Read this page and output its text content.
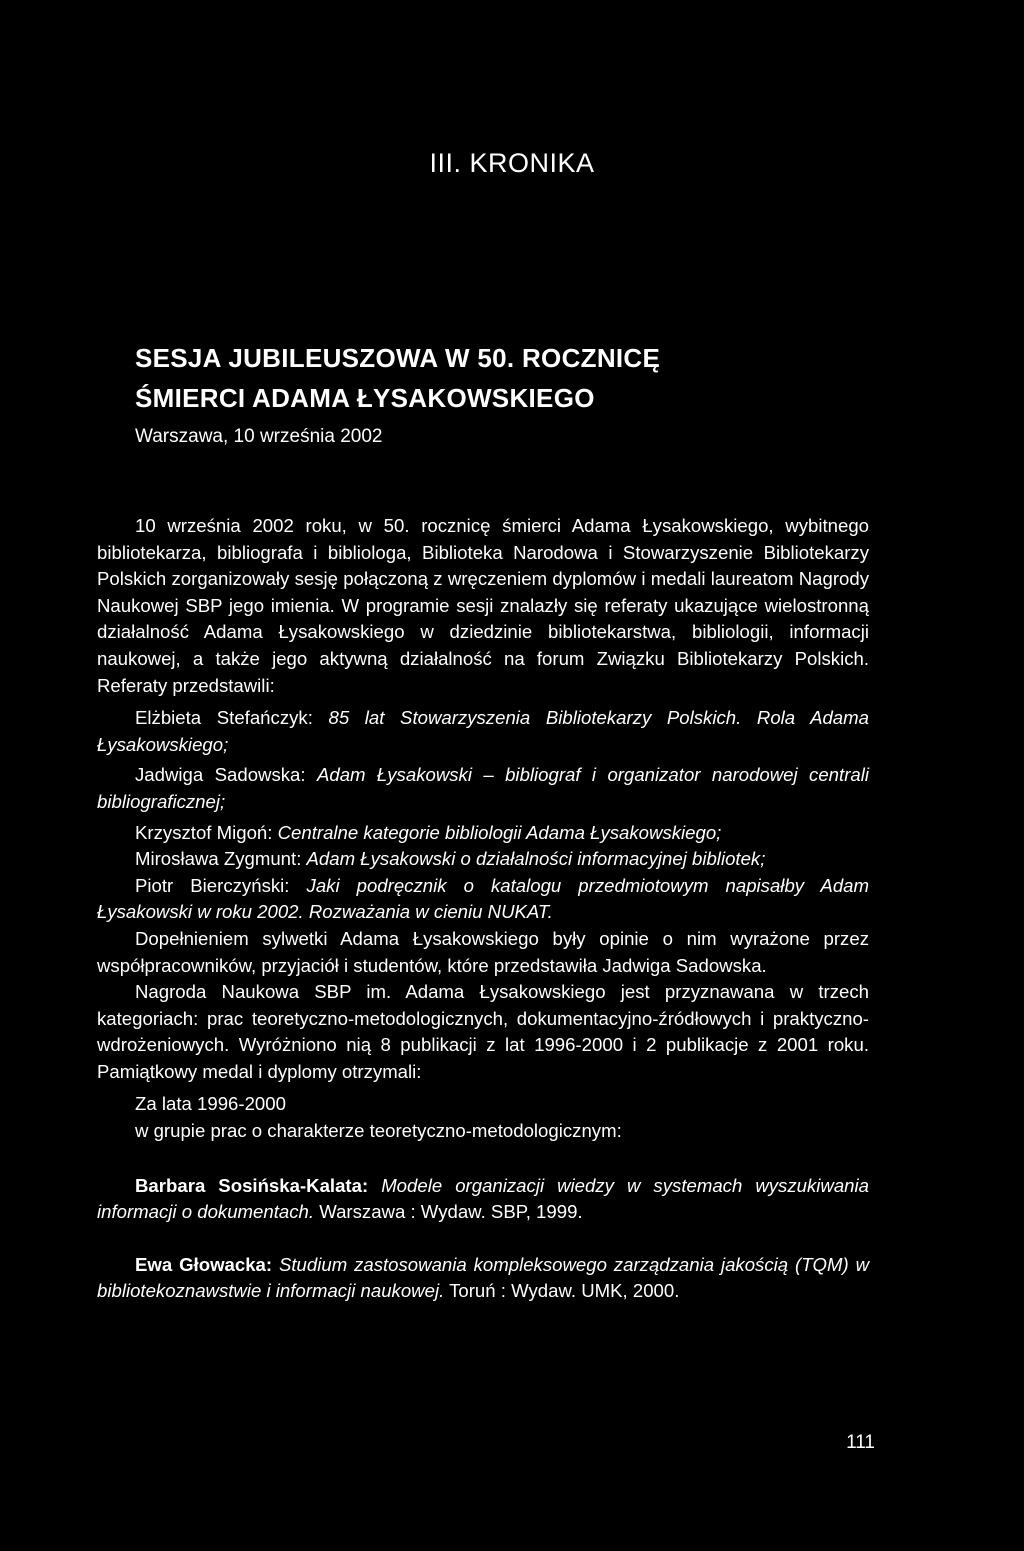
III. KRONIKA
SESJA JUBILEUSZOWA W 50. ROCZNICĘ
ŚMIERCI ADAMA ŁYSAKOWSKIEGO
Warszawa, 10 września 2002

10 września 2002 roku, w 50. rocznicę śmierci Adama Łysakowskiego, wybitnego bibliotekarza, bibliografa i bibliologa, Biblioteka Narodowa i Stowarzyszenie Bibliotekarzy Polskich zorganizowały sesję połączoną z wręczeniem dyplomów i medali laureatom Nagrody Naukowej SBP jego imienia. W programie sesji znalazły się referaty ukazujące wielostronną działalność Adama Łysakowskiego w dziedzinie bibliotekarstwa, bibliologii, informacji naukowej, a także jego aktywną działalność na forum Związku Bibliotekarzy Polskich. Referaty przedstawili:

Elżbieta Stefańczyk: 85 lat Stowarzyszenia Bibliotekarzy Polskich. Rola Adama Łysakowskiego;

Jadwiga Sadowska: Adam Łysakowski – bibliograf i organizator narodowej centrali bibliograficznej;

Krzysztof Migoń: Centralne kategorie bibliologii Adama Łysakowskiego;

Mirosława Zygmunt: Adam Łysakowski o działalności informacyjnej bibliotek;

Piotr Bierczyński: Jaki podręcznik o katalogu przedmiotowym napisałby Adam Łysakowski w roku 2002. Rozważania w cieniu NUKAT.

Dopełnieniem sylwetki Adama Łysakowskiego były opinie o nim wyrażone przez współpracowników, przyjaciół i studentów, które przedstawiła Jadwiga Sadowska.

Nagroda Naukowa SBP im. Adama Łysakowskiego jest przyznawana w trzech kategoriach: prac teoretyczno-metodologicznych, dokumentacyjno-źródłowych i praktyczno-wdrożeniowych. Wyróżniono nią 8 publikacji z lat 1996-2000 i 2 publikacje z 2001 roku. Pamiątkowy medal i dyplomy otrzymali:

Za lata 1996-2000

w grupie prac o charakterze teoretyczno-metodologicznym:

Barbara Sosińska-Kalata: Modele organizacji wiedzy w systemach wyszukiwania informacji o dokumentach. Warszawa : Wydaw. SBP, 1999.

Ewa Głowacka: Studium zastosowania kompleksowego zarządzania jakością (TQM) w bibliotekoznawstwie i informacji naukowej. Toruń : Wydaw. UMK, 2000.

111
